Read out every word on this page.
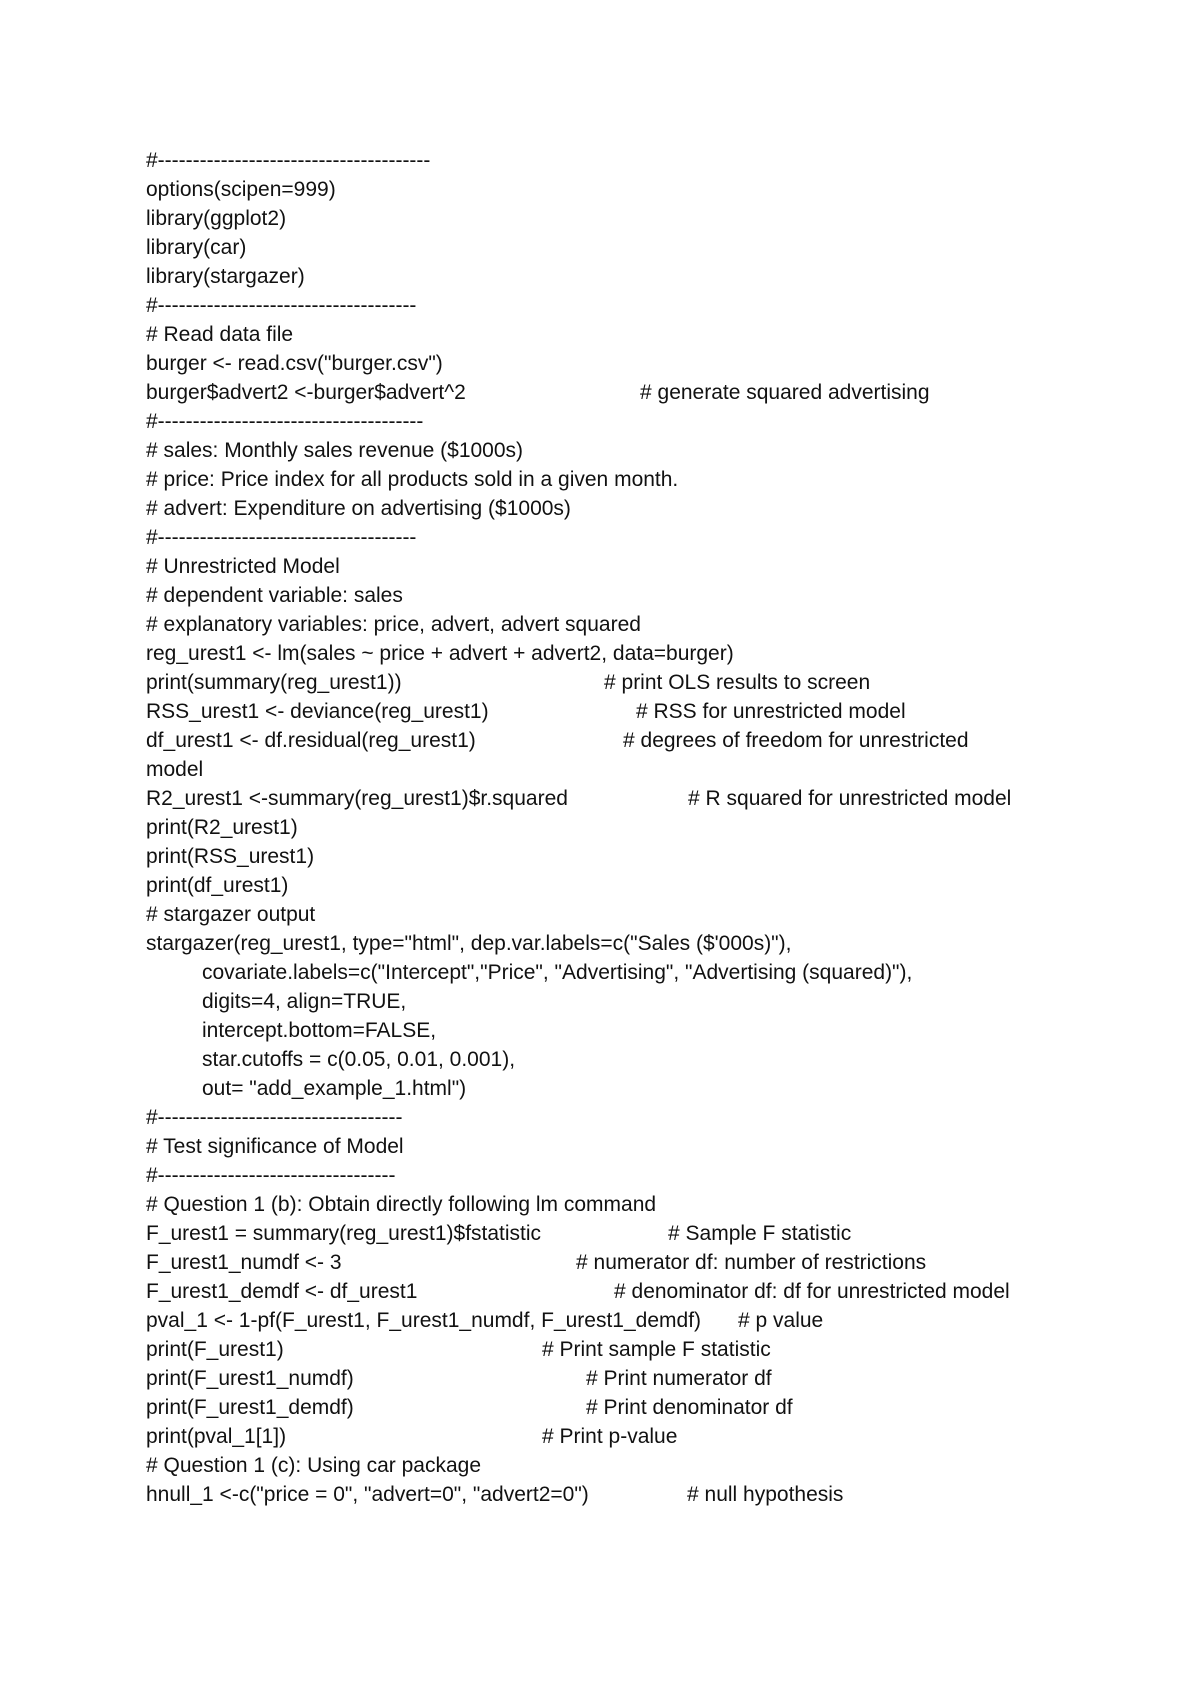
#---------------------------------------
options(scipen=999)
library(ggplot2)
library(car)
library(stargazer)
#-------------------------------------
# Read data file
burger <- read.csv("burger.csv")
burger$advert2 <-burger$advert^2	# generate squared advertising
#--------------------------------------
# sales: Monthly sales revenue ($1000s)
# price: Price index for all products sold in a given month.
# advert: Expenditure on advertising ($1000s)
#-------------------------------------
# Unrestricted Model
# dependent variable: sales
# explanatory variables: price, advert, advert squared
reg_urest1 <- lm(sales ~ price + advert + advert2, data=burger)
print(summary(reg_urest1))	# print OLS results to screen
RSS_urest1 <- deviance(reg_urest1)	# RSS for unrestricted model
df_urest1 <- df.residual(reg_urest1)	# degrees of freedom for unrestricted
model
R2_urest1 <-summary(reg_urest1)$r.squared	# R squared for unrestricted model
print(R2_urest1)
print(RSS_urest1)
print(df_urest1)
# stargazer output
stargazer(reg_urest1, type="html", dep.var.labels=c("Sales ($'000s)"),
covariate.labels=c("Intercept","Price", "Advertising", "Advertising (squared)"),
digits=4, align=TRUE,
intercept.bottom=FALSE,
star.cutoffs = c(0.05, 0.01, 0.001),
out= "add_example_1.html")
#-----------------------------------
# Test significance of Model
#----------------------------------
# Question 1 (b): Obtain directly following lm command
F_urest1 = summary(reg_urest1)$fstatistic	# Sample F statistic
F_urest1_numdf <- 3	# numerator df: number of restrictions
F_urest1_demdf <- df_urest1	# denominator df: df for unrestricted model
pval_1 <- 1-pf(F_urest1, F_urest1_numdf, F_urest1_demdf) # p value
print(F_urest1)	# Print sample F statistic
print(F_urest1_numdf)	# Print numerator df
print(F_urest1_demdf)	# Print denominator df
print(pval_1[1])	# Print p-value
# Question 1 (c): Using car package
hnull_1 <-c("price = 0", "advert=0", "advert2=0")	# null hypothesis
